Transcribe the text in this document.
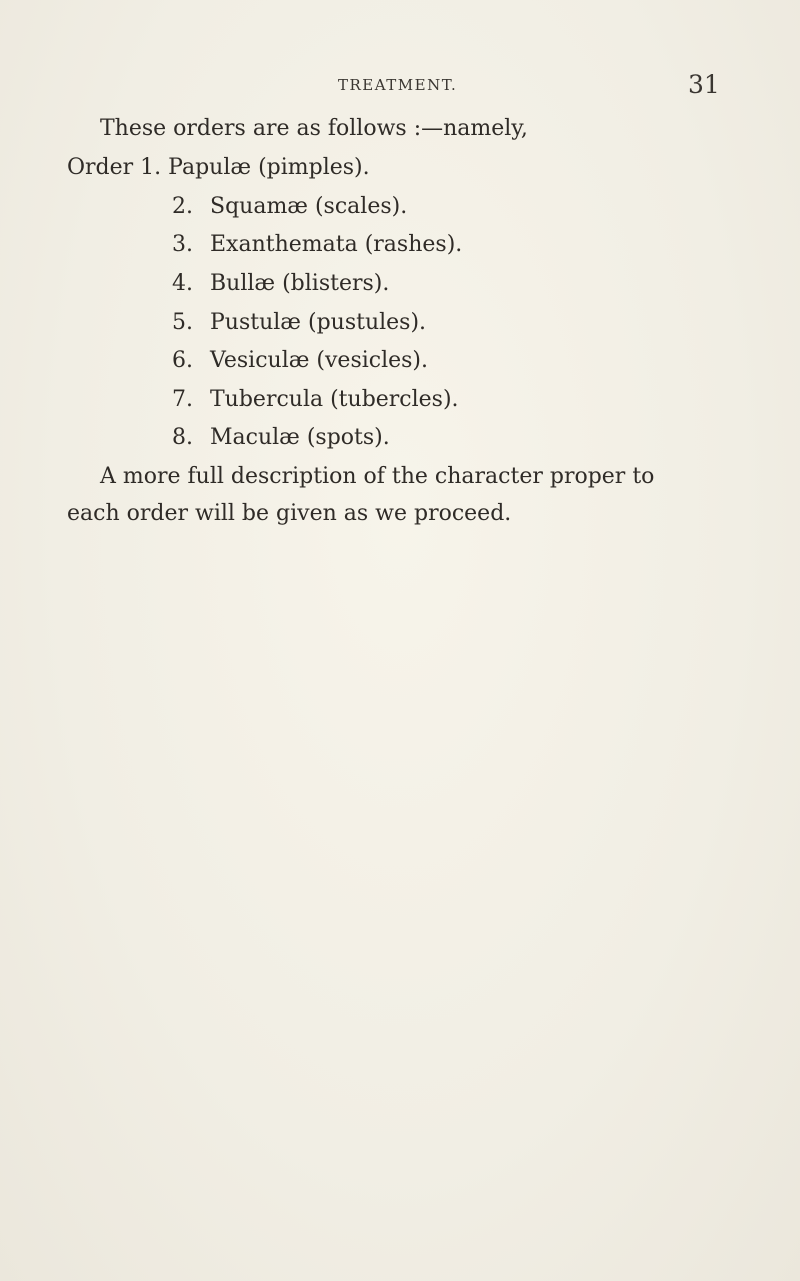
TREATMENT.	31
These orders are as follows :—namely,
Order 1. Papulæ (pimples).
2. Squamæ (scales).
3. Exanthemata (rashes).
4. Bullæ (blisters).
5. Pustulæ (pustules).
6. Vesiculæ (vesicles).
7. Tubercula (tubercles).
8. Maculæ (spots).
A more full description of the character proper to
each order will be given as we proceed.
